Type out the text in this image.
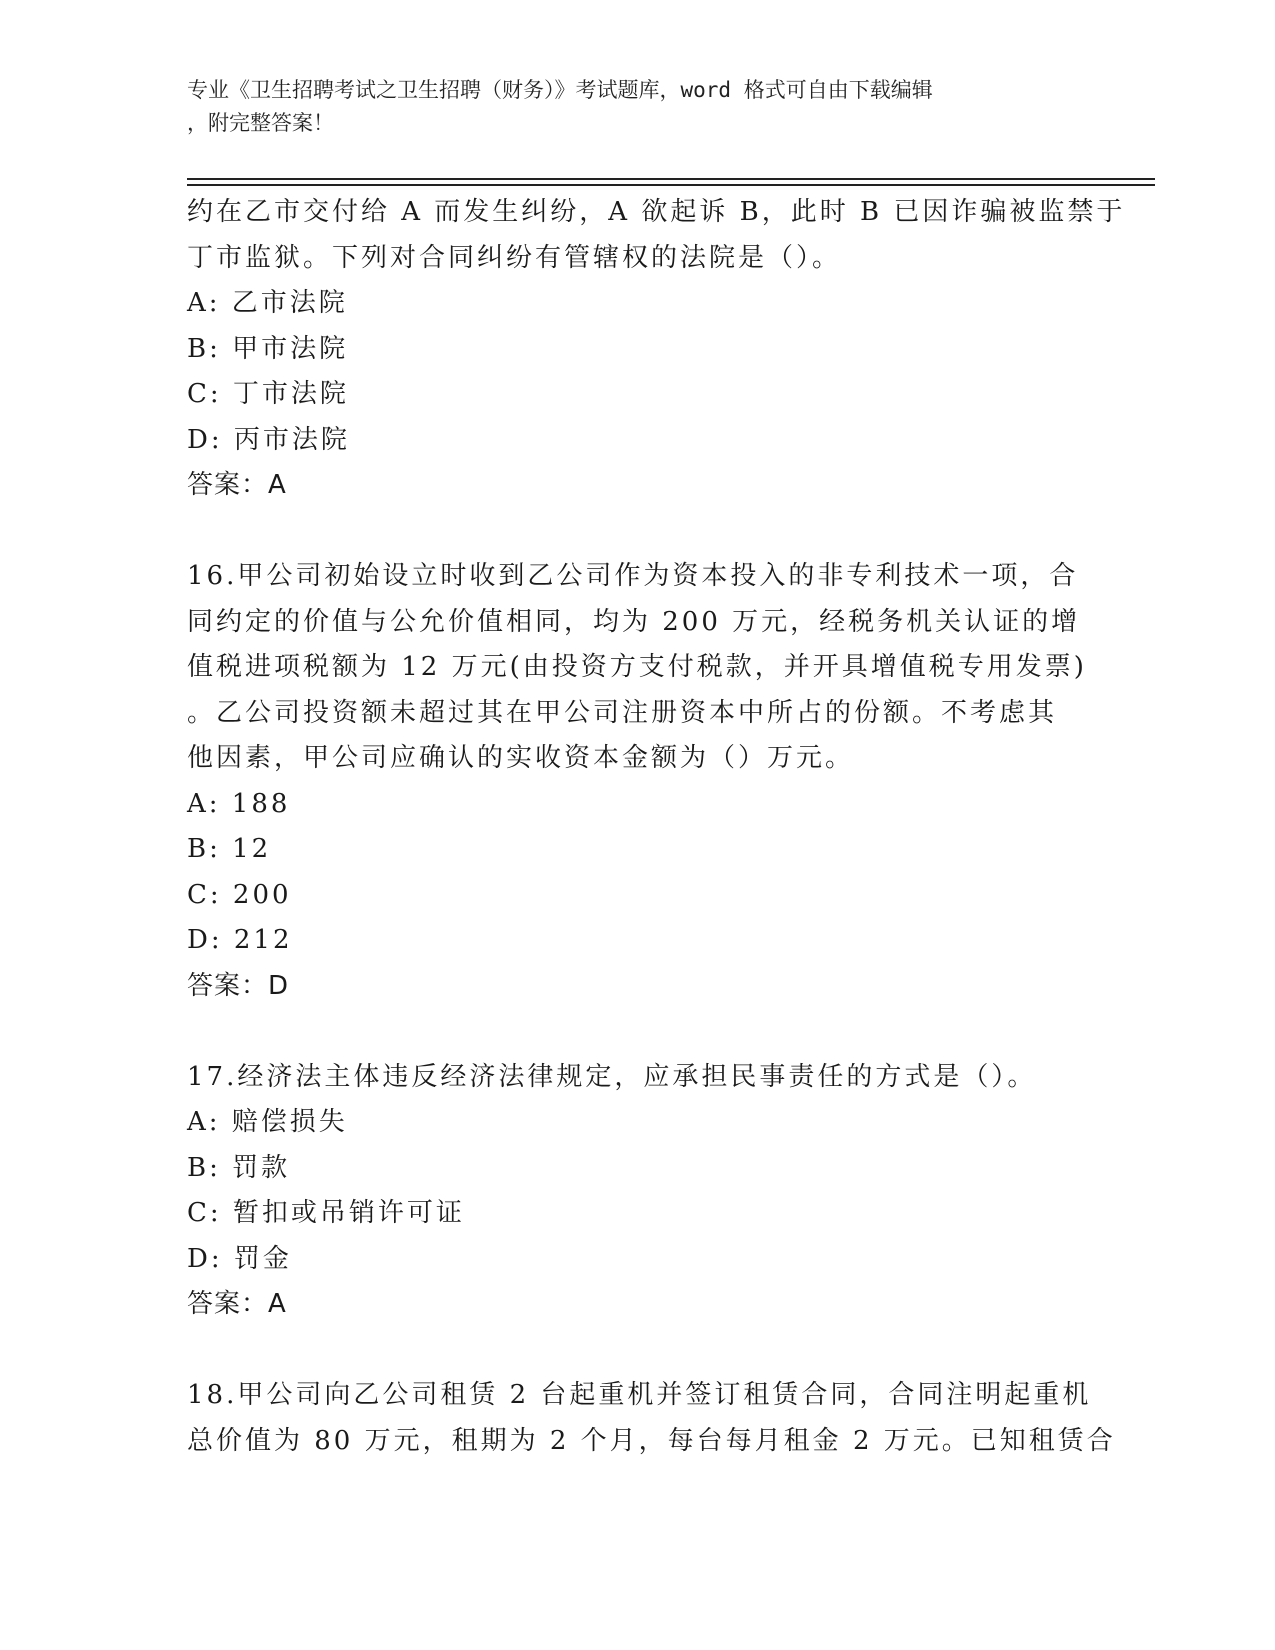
专业《卫生招聘考试之卫生招聘（财务）》考试题库，word 格式可自由下载编辑
，附完整答案！
约在乙市交付给 A 而发生纠纷，A 欲起诉 B，此时 B 已因诈骗被监禁于
丁市监狱。下列对合同纠纷有管辖权的法院是（）。
A: 乙市法院
B: 甲市法院
C: 丁市法院
D: 丙市法院
答案：A
16.甲公司初始设立时收到乙公司作为资本投入的非专利技术一项，合
同约定的价值与公允价值相同，均为 200 万元，经税务机关认证的增
值税进项税额为 12 万元(由投资方支付税款，并开具增值税专用发票)
。乙公司投资额未超过其在甲公司注册资本中所占的份额。不考虑其
他因素，甲公司应确认的实收资本金额为（）万元。
A: 188
B: 12
C: 200
D: 212
答案：D
17.经济法主体违反经济法律规定，应承担民事责任的方式是（）。
A: 赔偿损失
B: 罚款
C: 暂扣或吊销许可证
D: 罚金
答案：A
18.甲公司向乙公司租赁 2 台起重机并签订租赁合同，合同注明起重机
总价值为 80 万元，租期为 2 个月，每台每月租金 2 万元。已知租赁合
